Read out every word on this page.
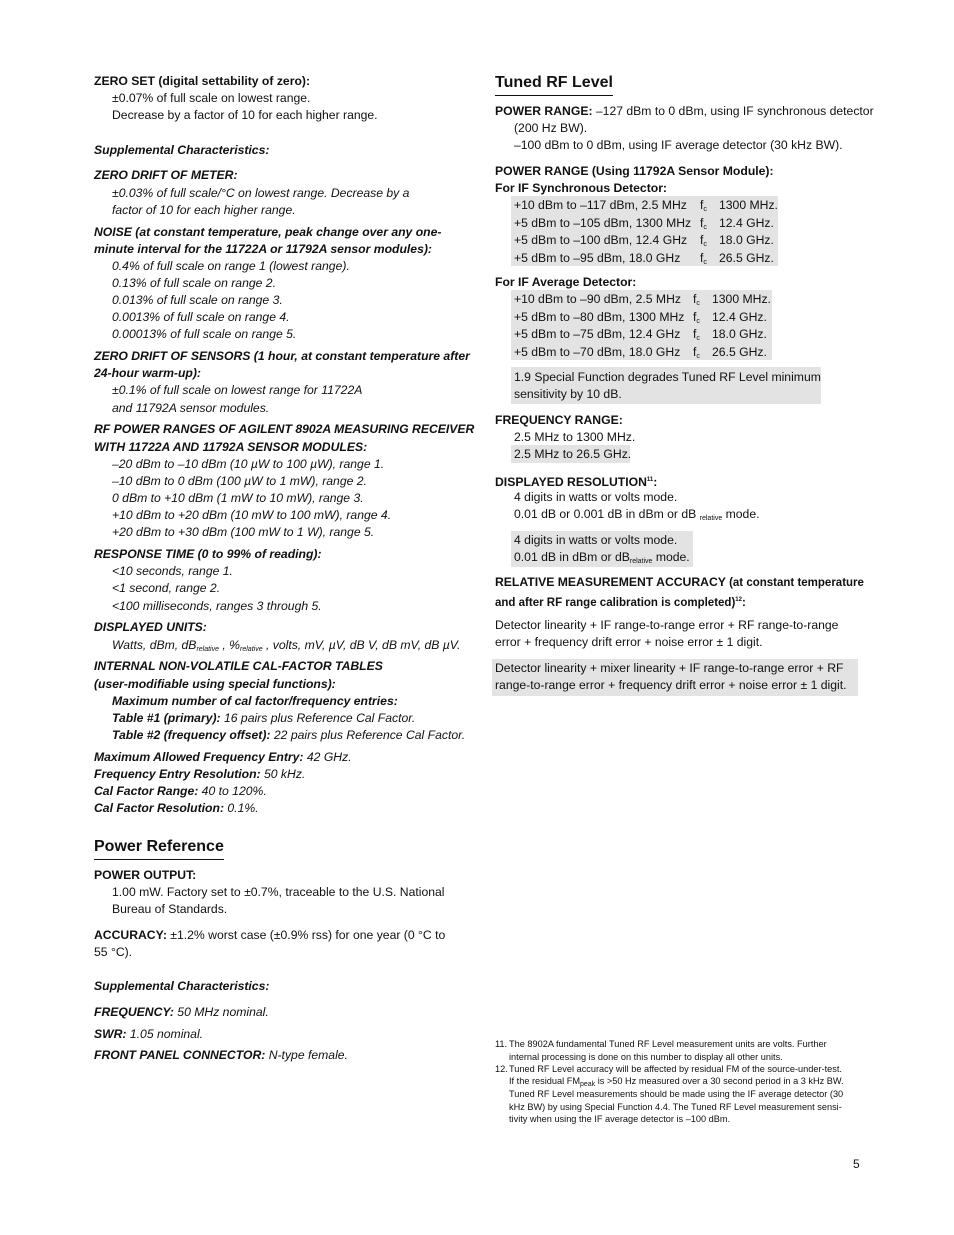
ZERO SET (digital settability of zero):
±0.07% of full scale on lowest range.
Decrease by a factor of 10 for each higher range.
Supplemental Characteristics:
ZERO DRIFT OF METER:
±0.03% of full scale/°C on lowest range. Decrease by a
factor of 10 for each higher range.
NOISE (at constant temperature, peak change over any one-
minute interval for the 11722A or 11792A sensor modules):
0.4% of full scale on range 1 (lowest range).
0.13% of full scale on range 2.
0.013% of full scale on range 3.
0.0013% of full scale on range 4.
0.00013% of full scale on range 5.
ZERO DRIFT OF SENSORS (1 hour, at constant temperature after
24-hour warm-up):
±0.1% of full scale on lowest range for 11722A
and 11792A sensor modules.
RF POWER RANGES OF AGILENT 8902A MEASURING RECEIVER
WITH 11722A AND 11792A SENSOR MODULES:
–20 dBm to –10 dBm (10 µW to 100 µW), range 1.
–10 dBm to 0 dBm (100 µW to 1 mW), range 2.
0 dBm to +10 dBm (1 mW to 10 mW), range 3.
+10 dBm to +20 dBm (10 mW to 100 mW), range 4.
+20 dBm to +30 dBm (100 mW to 1 W), range 5.
RESPONSE TIME (0 to 99% of reading):
<10 seconds, range 1.
<1 second, range 2.
<100 milliseconds, ranges 3 through 5.
DISPLAYED UNITS:
Watts, dBm, $dB_{relative}$ , $\%_{relative}$ , volts, mV, µV, dB V, dB mV, dB µV.
INTERNAL NON-VOLATILE CAL-FACTOR TABLES
(user-modifiable using special functions):
Maximum number of cal factor/frequency entries:
Table #1 (primary): 16 pairs plus Reference Cal Factor.
Table #2 (frequency offset): 22 pairs plus Reference Cal Factor.
Maximum Allowed Frequency Entry: 42 GHz.
Frequency Entry Resolution: 50 kHz.
Cal Factor Range: 40 to 120%.
Cal Factor Resolution: 0.1%.
Power Reference
POWER OUTPUT:
1.00 mW. Factory set to ±0.7%, traceable to the U.S. National
Bureau of Standards.
ACCURACY: ±1.2% worst case (±0.9% rss) for one year (0 °C to
55 °C).
Supplemental Characteristics:
FREQUENCY: 50 MHz nominal.
SWR: 1.05 nominal.
FRONT PANEL CONNECTOR: N-type female.
Tuned RF Level
POWER RANGE: –127 dBm to 0 dBm, using IF synchronous detector
(200 Hz BW).
–100 dBm to 0 dBm, using IF average detector (30 kHz BW).
POWER RANGE (Using 11792A Sensor Module):
For IF Synchronous Detector:
+10 dBm to –117 dBm, 2.5 MHz $f_c$ 1300 MHz.
+5 dBm to –105 dBm, 1300 MHz $f_c$ 12.4 GHz.
+5 dBm to –100 dBm, 12.4 GHz $f_c$ 18.0 GHz.
+5 dBm to –95 dBm, 18.0 GHz $f_c$ 26.5 GHz.
For IF Average Detector:
+10 dBm to –90 dBm, 2.5 MHz $f_c$ 1300 MHz.
+5 dBm to –80 dBm, 1300 MHz $f_c$ 12.4 GHz.
+5 dBm to –75 dBm, 12.4 GHz $f_c$ 18.0 GHz.
+5 dBm to –70 dBm, 18.0 GHz $f_c$ 26.5 GHz.
1.9 Special Function degrades Tuned RF Level minimum
sensitivity by 10 dB.
FREQUENCY RANGE:
2.5 MHz to 1300 MHz.
2.5 MHz to 26.5 GHz.
DISPLAYED RESOLUTION$^{11}$:
4 digits in watts or volts mode.
0.01 dB or 0.001 dB in dBm or dB $_{relative}$ mode.
4 digits in watts or volts mode.
0.01 dB in dBm or $dB_{relative}$ mode.
RELATIVE MEASUREMENT ACCURACY (at constant temperature
and after RF range calibration is completed)$^{12}$:
Detector linearity + IF range-to-range error + RF range-to-range
error + frequency drift error + noise error ± 1 digit.
Detector linearity + mixer linearity + IF range-to-range error + RF
range-to-range error + frequency drift error + noise error ± 1 digit.
11. The 8902A fundamental Tuned RF Level measurement units are volts. Further
internal processing is done on this number to display all other units.
12. Tuned RF Level accuracy will be affected by residual FM of the source-under-test.
If the residual $FM_{peak}$ is >50 Hz measured over a 30 second period in a 3 kHz BW.
Tuned RF Level measurements should be made using the IF average detector (30
kHz BW) by using Special Function 4.4. The Tuned RF Level measurement sensi-
tivity when using the IF average detector is –100 dBm.
5
